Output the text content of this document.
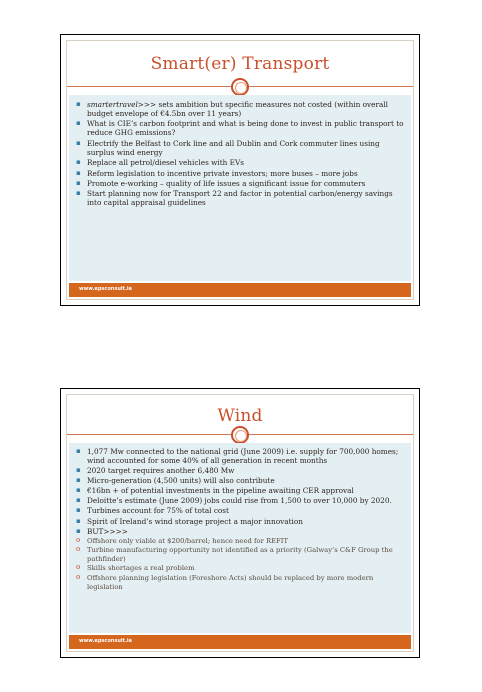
Smart(er) Transport
▪ smartertravel>>> sets ambition but specific measures not costed (within overall budget envelope of €4.5bn over 11 years)
▪ What is CIE’s carbon footprint and what is being done to invest in public transport to reduce GHG emissions?
▪ Electrify the Belfast to Cork line and all Dublin and Cork commuter lines using surplus wind energy
▪ Replace all petrol/diesel vehicles with EVs
▪ Reform legislation to incentive private investors; more buses – more jobs
▪ Promote e-working – quality of life issues a significant issue for commuters
▪ Start planning now for Transport 22 and factor in potential carbon/energy savings into capital appraisal guidelines
www.epsconsult.ie
Wind
▪ 1,077 Mw connected to the national grid (June 2009) i.e. supply for 700,000 homes; wind accounted for some 40% of all generation in recent months
▪ 2020 target requires another 6,480 Mw
▪ Micro-generation (4,500 units) will also contribute
▪ €16bn + of potential investments in the pipeline awaiting CER approval
▪ Deloitte’s estimate (June 2009) jobs could rise from 1,500 to over 10,000 by 2020.
▪ Turbines account for 75% of total cost
▪ Spirit of Ireland’s wind storage project a major innovation
▪ BUT>>>>
o Offshore only viable at $200/barrel; hence need for REFIT
o Turbine manufacturing opportunity not identified as a priority (Galway’s C&F Group the pathfinder)
o Skills shortages a real problem
o Offshore planning legislation (Foreshore Acts) should be replaced by more modern legislation
www.epsconsult.ie
